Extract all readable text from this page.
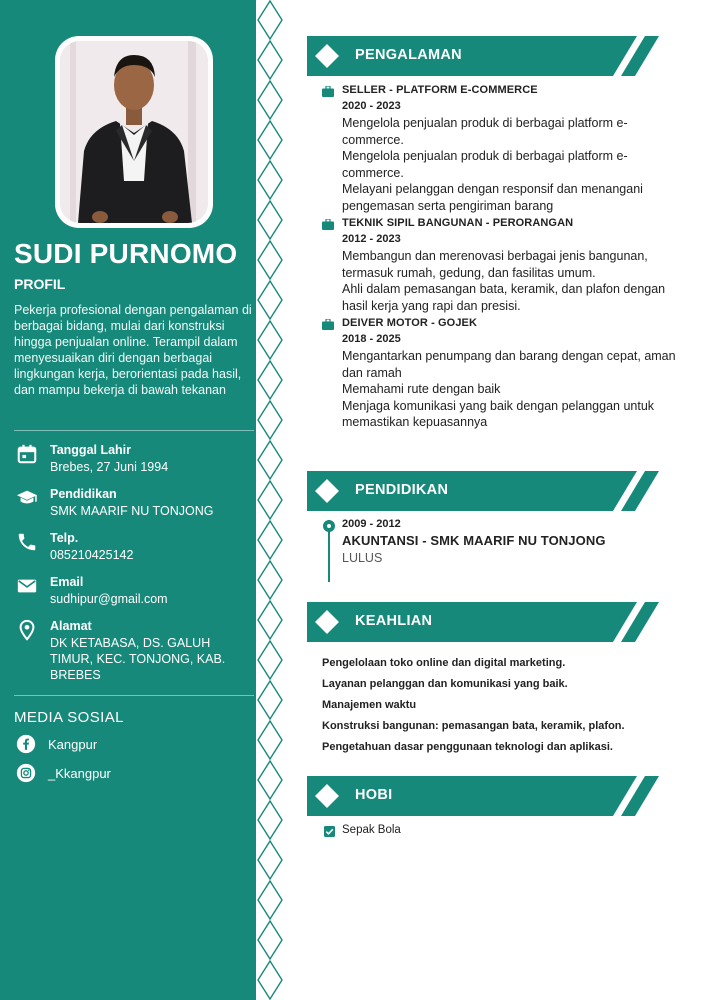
SUDI PURNOMO
PROFIL
Pekerja profesional dengan pengalaman di berbagai bidang, mulai dari konstruksi hingga penjualan online. Terampil dalam menyesuaikan diri dengan berbagai lingkungan kerja, berorientasi pada hasil, dan mampu bekerja di bawah tekanan
Tanggal Lahir
Brebes, 27 Juni 1994
Pendidikan
SMK MAARIF NU TONJONG
Telp.
085210425142
Email
sudhipur@gmail.com
Alamat
DK KETABASA, DS. GALUH TIMUR, KEC. TONJONG, KAB. BREBES
MEDIA SOSIAL
Kangpur
_Kkangpur
PENGALAMAN
SELLER - PLATFORM E-COMMERCE
2020 - 2023
Mengelola penjualan produk di berbagai platform e-commerce.
Mengelola penjualan produk di berbagai platform e-commerce.
Melayani pelanggan dengan responsif dan menangani pengemasan serta pengiriman barang
TEKNIK SIPIL BANGUNAN - PERORANGAN
2012 - 2023
Membangun dan merenovasi berbagai jenis bangunan, termasuk rumah, gedung, dan fasilitas umum.
Ahli dalam pemasangan bata, keramik, dan plafon dengan hasil kerja yang rapi dan presisi.
DEIVER MOTOR - GOJEK
2018 - 2025
Mengantarkan penumpang dan barang dengan cepat, aman dan ramah
Memahami rute dengan baik
Menjaga komunikasi yang baik dengan pelanggan untuk memastikan kepuasannya
PENDIDIKAN
2009 - 2012
AKUNTANSI - SMK MAARIF NU TONJONG
LULUS
KEAHLIAN
Pengelolaan toko online dan digital marketing.
Layanan pelanggan dan komunikasi yang baik.
Manajemen waktu
Konstruksi bangunan: pemasangan bata, keramik, plafon.
Pengetahuan dasar penggunaan teknologi dan aplikasi.
HOBI
Sepak Bola
